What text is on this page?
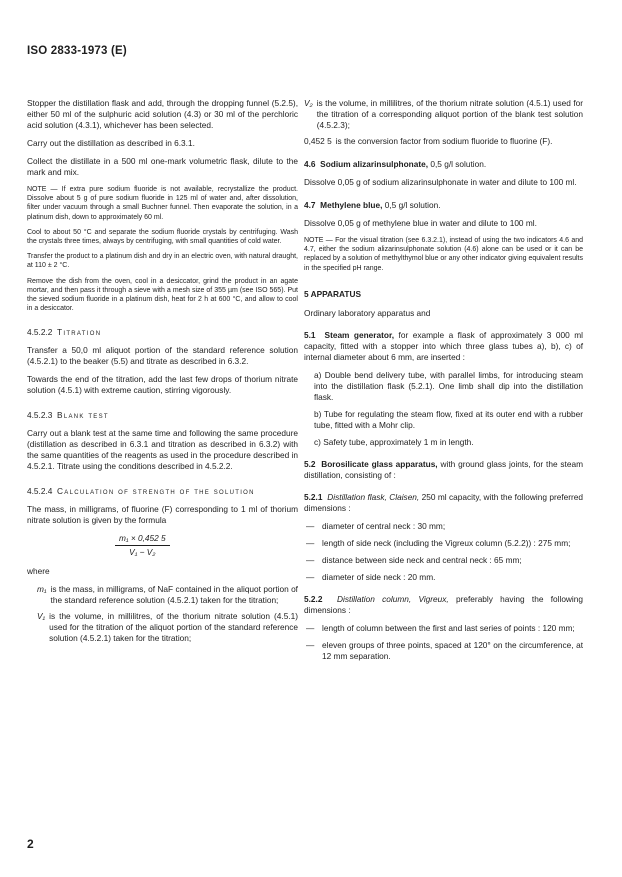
ISO 2833-1973 (E)

Stopper the distillation flask and add, through the dropping funnel (5.2.5), either 50 ml of the sulphuric acid solution (4.3) or 30 ml of the perchloric acid solution (4.3.1), whichever has been selected.

Carry out the distillation as described in 6.3.1.

Collect the distillate in a 500 ml one-mark volumetric flask, dilute to the mark and mix.

NOTE — If extra pure sodium fluoride is not available, recrystallize the product. Dissolve about 5 g of pure sodium fluoride in 125 ml of water and, after dissolution, filter under vacuum through a small Buchner funnel. Then evaporate the solution, in a platinum dish, down to approximately 60 ml.

Cool to about 50 °C and separate the sodium fluoride crystals by centrifuging. Wash the crystals three times, always by centrifuging, with small quantities of cold water.

Transfer the product to a platinum dish and dry in an electric oven, with natural draught, at 110 ± 2 °C.

Remove the dish from the oven, cool in a desiccator, grind the product in an agate mortar, and then pass it through a sieve with a mesh size of 355 µm (see ISO 565). Put the sieved sodium fluoride in a platinum dish, heat for 2 h at 600 °C, and allow to cool in a desiccator.

4.5.2.2 Titration

Transfer a 50,0 ml aliquot portion of the standard reference solution (4.5.2.1) to the beaker (5.5) and titrate as described in 6.3.2.

Towards the end of the titration, add the last few drops of thorium nitrate solution (4.5.1) with extreme caution, stirring vigorously.

4.5.2.3 Blank test

Carry out a blank test at the same time and following the same procedure (distillation as described in 6.3.1 and titration as described in 6.3.2) with the same quantities of the reagents as used in the procedure described in 4.5.2.1. Titrate using the conditions described in 4.5.2.2.

4.5.2.4 Calculation of strength of the solution

The mass, in milligrams, of fluorine (F) corresponding to 1 ml of thorium nitrate solution is given by the formula

$\frac{\text{m₁ × 0,452 5}}{\text{V₁ − V₂}}$

where

m₁ is the mass, in milligrams, of NaF contained in the aliquot portion of the standard reference solution (4.5.2.1) taken for the titration;
V₁ is the volume, in millilitres, of the thorium nitrate solution (4.5.1) used for the titration of the aliquot portion of the standard reference solution (4.5.2.1) taken for the titration;
V₂ is the volume, in millilitres, of the thorium nitrate solution (4.5.1) used for the titration of a corresponding aliquot portion of the blank test solution (4.5.2.3);
0,452 5 is the conversion factor from sodium fluoride to fluorine (F).

4.6 Sodium alizarinsulphonate, 0,5 g/l solution.

Dissolve 0,05 g of sodium alizarinsulphonate in water and dilute to 100 ml.

4.7 Methylene blue, 0,5 g/l solution.

Dissolve 0,05 g of methylene blue in water and dilute to 100 ml.

NOTE — For the visual titration (see 6.3.2.1), instead of using the two indicators 4.6 and 4.7, either the sodium alizarinsulphonate solution (4.6) alone can be used or it can be replaced by a solution of methylthymol blue or any other indicator giving equivalent results in the specified pH range.

5 APPARATUS

Ordinary laboratory apparatus and

5.1 Steam generator, for example a flask of approximately 3 000 ml capacity, fitted with a stopper into which three glass tubes a), b), c) of internal diameter about 6 mm, are inserted :

a) Double bend delivery tube, with parallel limbs, for introducing steam into the distillation flask (5.2.1). One limb shall dip into the distillation flask.

b) Tube for regulating the steam flow, fixed at its outer end with a rubber tube, fitted with a Mohr clip.

c) Safety tube, approximately 1 m in length.

5.2 Borosilicate glass apparatus, with ground glass joints, for the steam distillation, consisting of :

5.2.1 Distillation flask, Claisen, 250 ml capacity, with the following preferred dimensions :

— diameter of central neck : 30 mm;
— length of side neck (including the Vigreux column (5.2.2)) : 275 mm;
— distance between side neck and central neck : 65 mm;
— diameter of side neck : 20 mm.

5.2.2 Distillation column, Vigreux, preferably having the following dimensions :

— length of column between the first and last series of points : 120 mm;
— eleven groups of three points, spaced at 120° on the circumference, at 12 mm separation.
2
